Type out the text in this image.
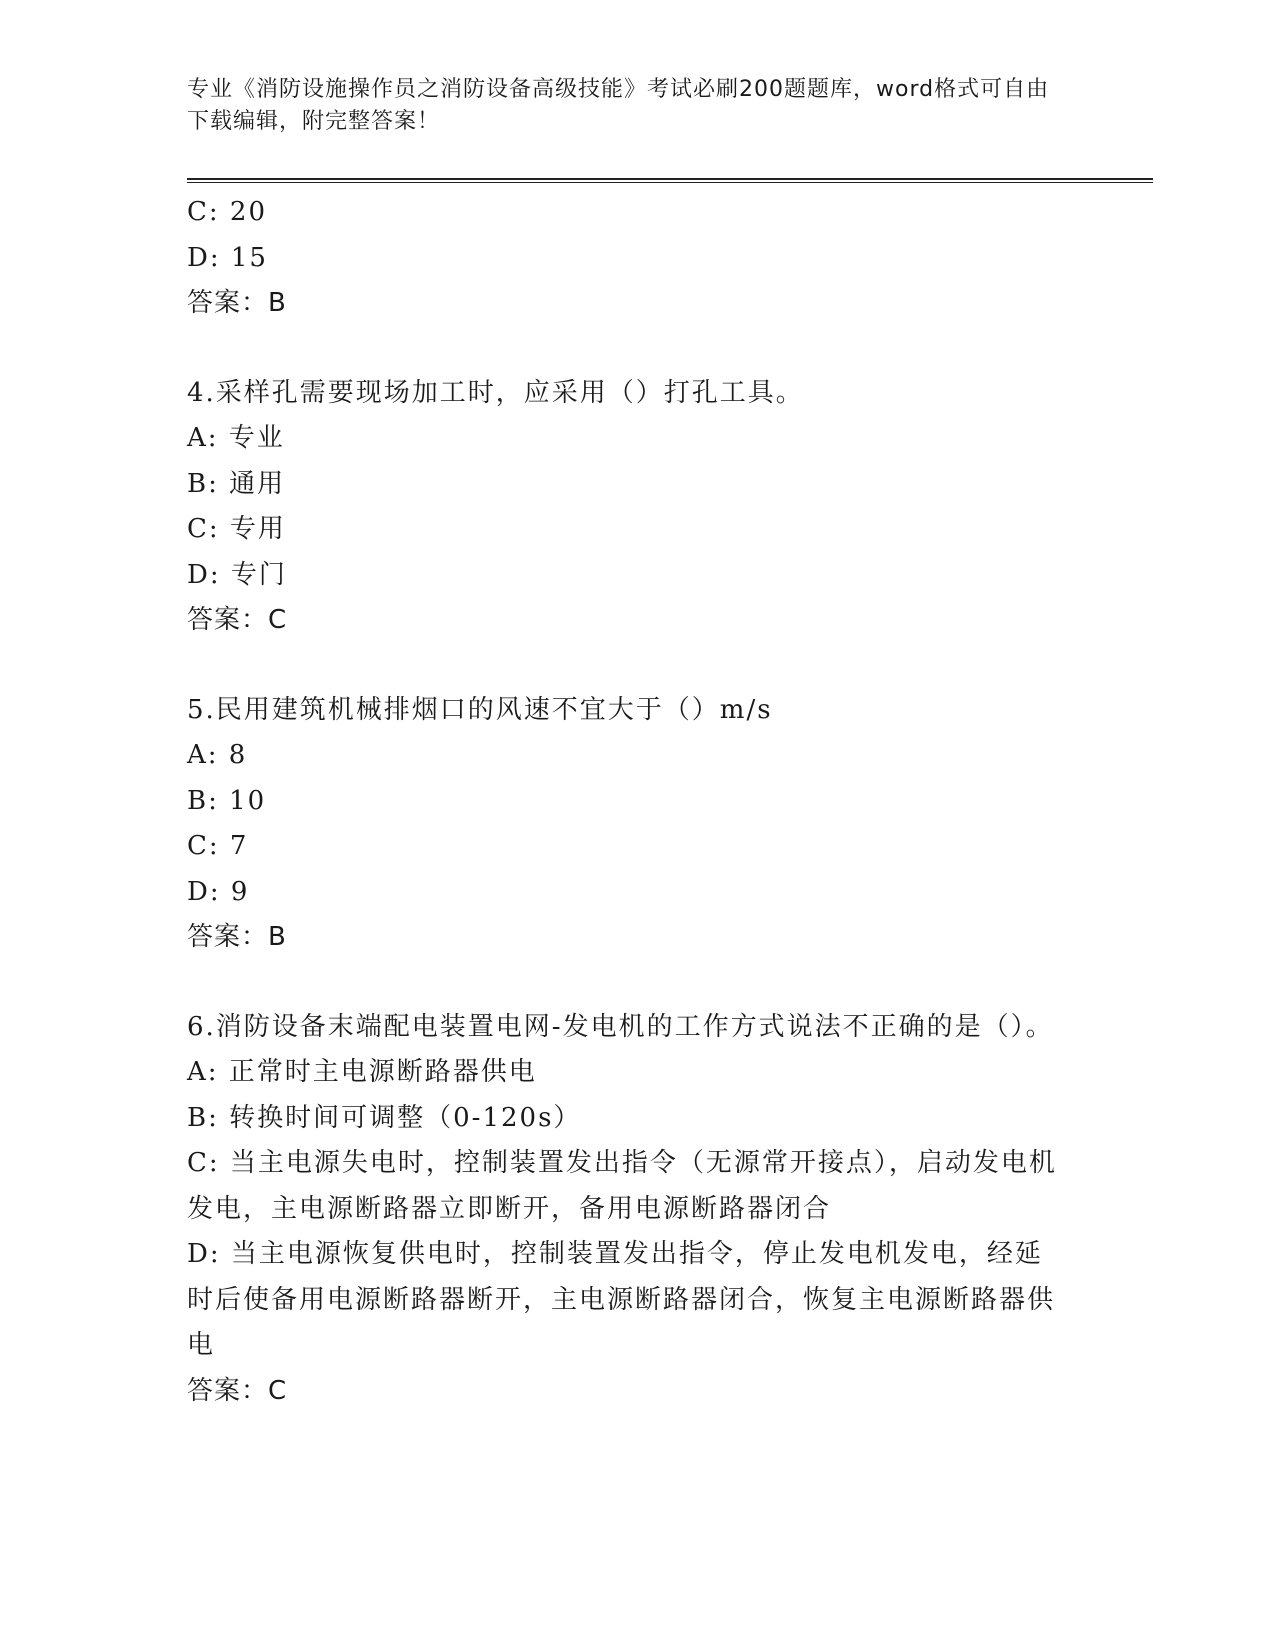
专业《消防设施操作员之消防设备高级技能》考试必刷200题题库，word格式可自由下载编辑，附完整答案！
C: 20
D: 15
答案：B
4.采样孔需要现场加工时，应采用（）打孔工具。
A: 专业
B: 通用
C: 专用
D: 专门
答案：C
5.民用建筑机械排烟口的风速不宜大于（）m/s
A: 8
B: 10
C: 7
D: 9
答案：B
6.消防设备末端配电装置电网-发电机的工作方式说法不正确的是（）。
A: 正常时主电源断路器供电
B: 转换时间可调整（0-120s）
C: 当主电源失电时，控制装置发出指令（无源常开接点），启动发电机发电，主电源断路器立即断开，备用电源断路器闭合
D: 当主电源恢复供电时，控制装置发出指令，停止发电机发电，经延时后使备用电源断路器断开，主电源断路器闭合，恢复主电源断路器供电
答案：C
